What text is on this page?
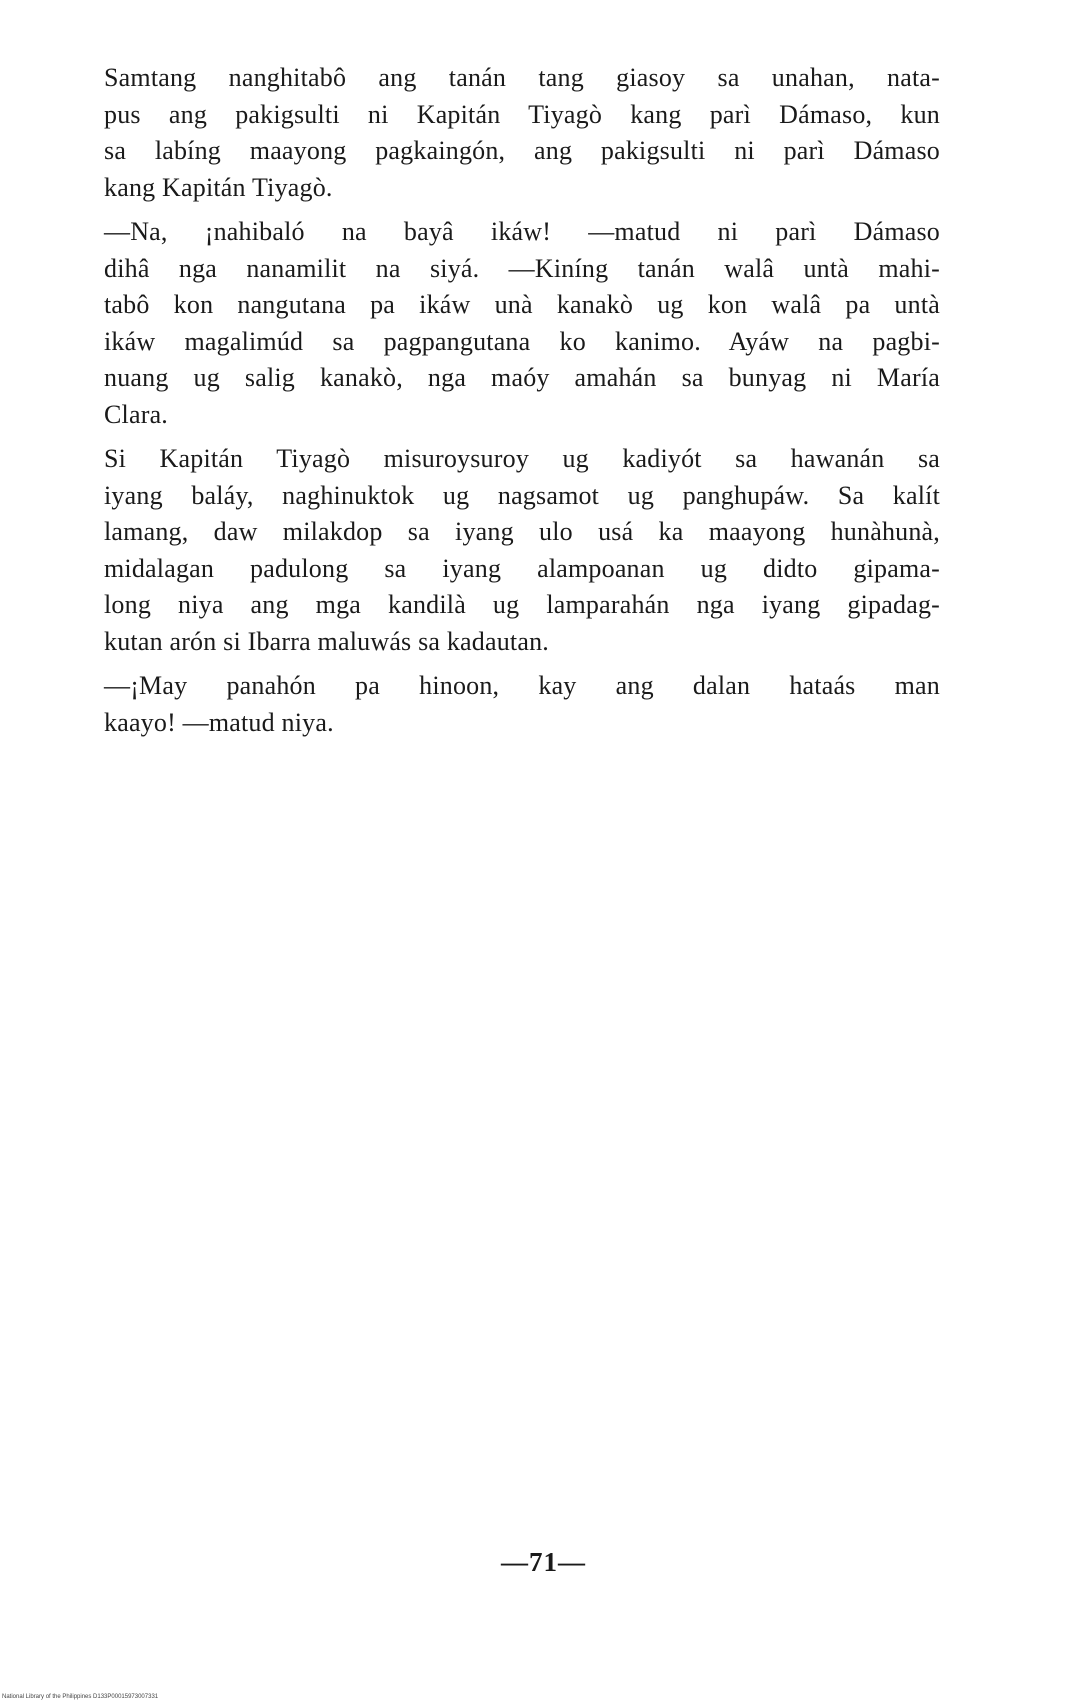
Samtang nanghitabô ang tanán tang giasoy sa unahan, nata-
pus ang pakigsulti ni Kapitán Tiyagò kang parì Dámaso, kun
sa labíng maayong pagkaingón, ang pakigsulti ni parì Dámaso
kang Kapitán Tiyagò.
—Na, ¡nahibaló na bayâ ikáw! —matud ni parì Dámaso
dihâ nga nanamilit na siyá. —Kiníng tanán walâ untà mahi-
tabô kon nangutana pa ikáw unà kanakò ug kon walâ pa untà
ikáw magalimúd sa pagpangutana ko kanimo. Ayáw na pagbi-
nuang ug salig kanakò, nga maóy amahán sa bunyag ni María
Clara.
Si Kapitán Tiyagò misuroysuroy ug kadiyót sa hawanán sa
iyang baláy, naghinuktok ug nagsamot ug panghupáw. Sa kalít
lamang, daw milakdop sa iyang ulo usá ka maayong hunàhunà,
midalagan padulong sa iyang alampoanan ug didto gipama-
long niya ang mga kandilà ug lamparahán nga iyang gipadag-
kutan arón si Ibarra maluwás sa kadautan.
—¡May panahón pa hinoon, kay ang dalan hataás man
kaayo! —matud niya.
—71—
National Library of the Philippines D133P00015973007331
